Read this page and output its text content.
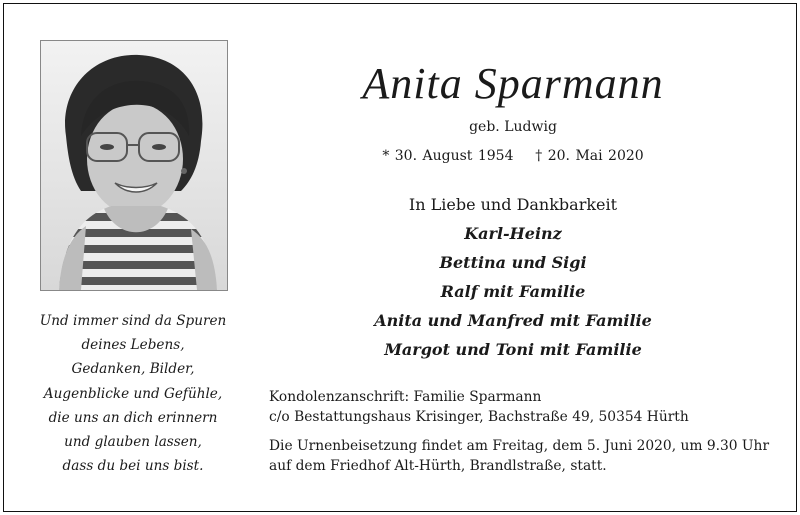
Und immer sind da Spuren
deines Lebens,
Gedanken, Bilder,
Augenblicke und Gefühle,
die uns an dich erinnern
und glauben lassen,
dass du bei uns bist.
Anita Sparmann
geb. Ludwig
* 30. August 1954    † 20. Mai 2020
In Liebe und Dankbarkeit
Karl-Heinz
Bettina und Sigi
Ralf mit Familie
Anita und Manfred mit Familie
Margot und Toni mit Familie
Kondolenzanschrift: Familie Sparmann
c/o Bestattungshaus Krisinger, Bachstraße 49, 50354 Hürth
Die Urnenbeisetzung findet am Freitag, dem 5. Juni 2020, um 9.30 Uhr
auf dem Friedhof Alt-Hürth, Brandlstraße, statt.
